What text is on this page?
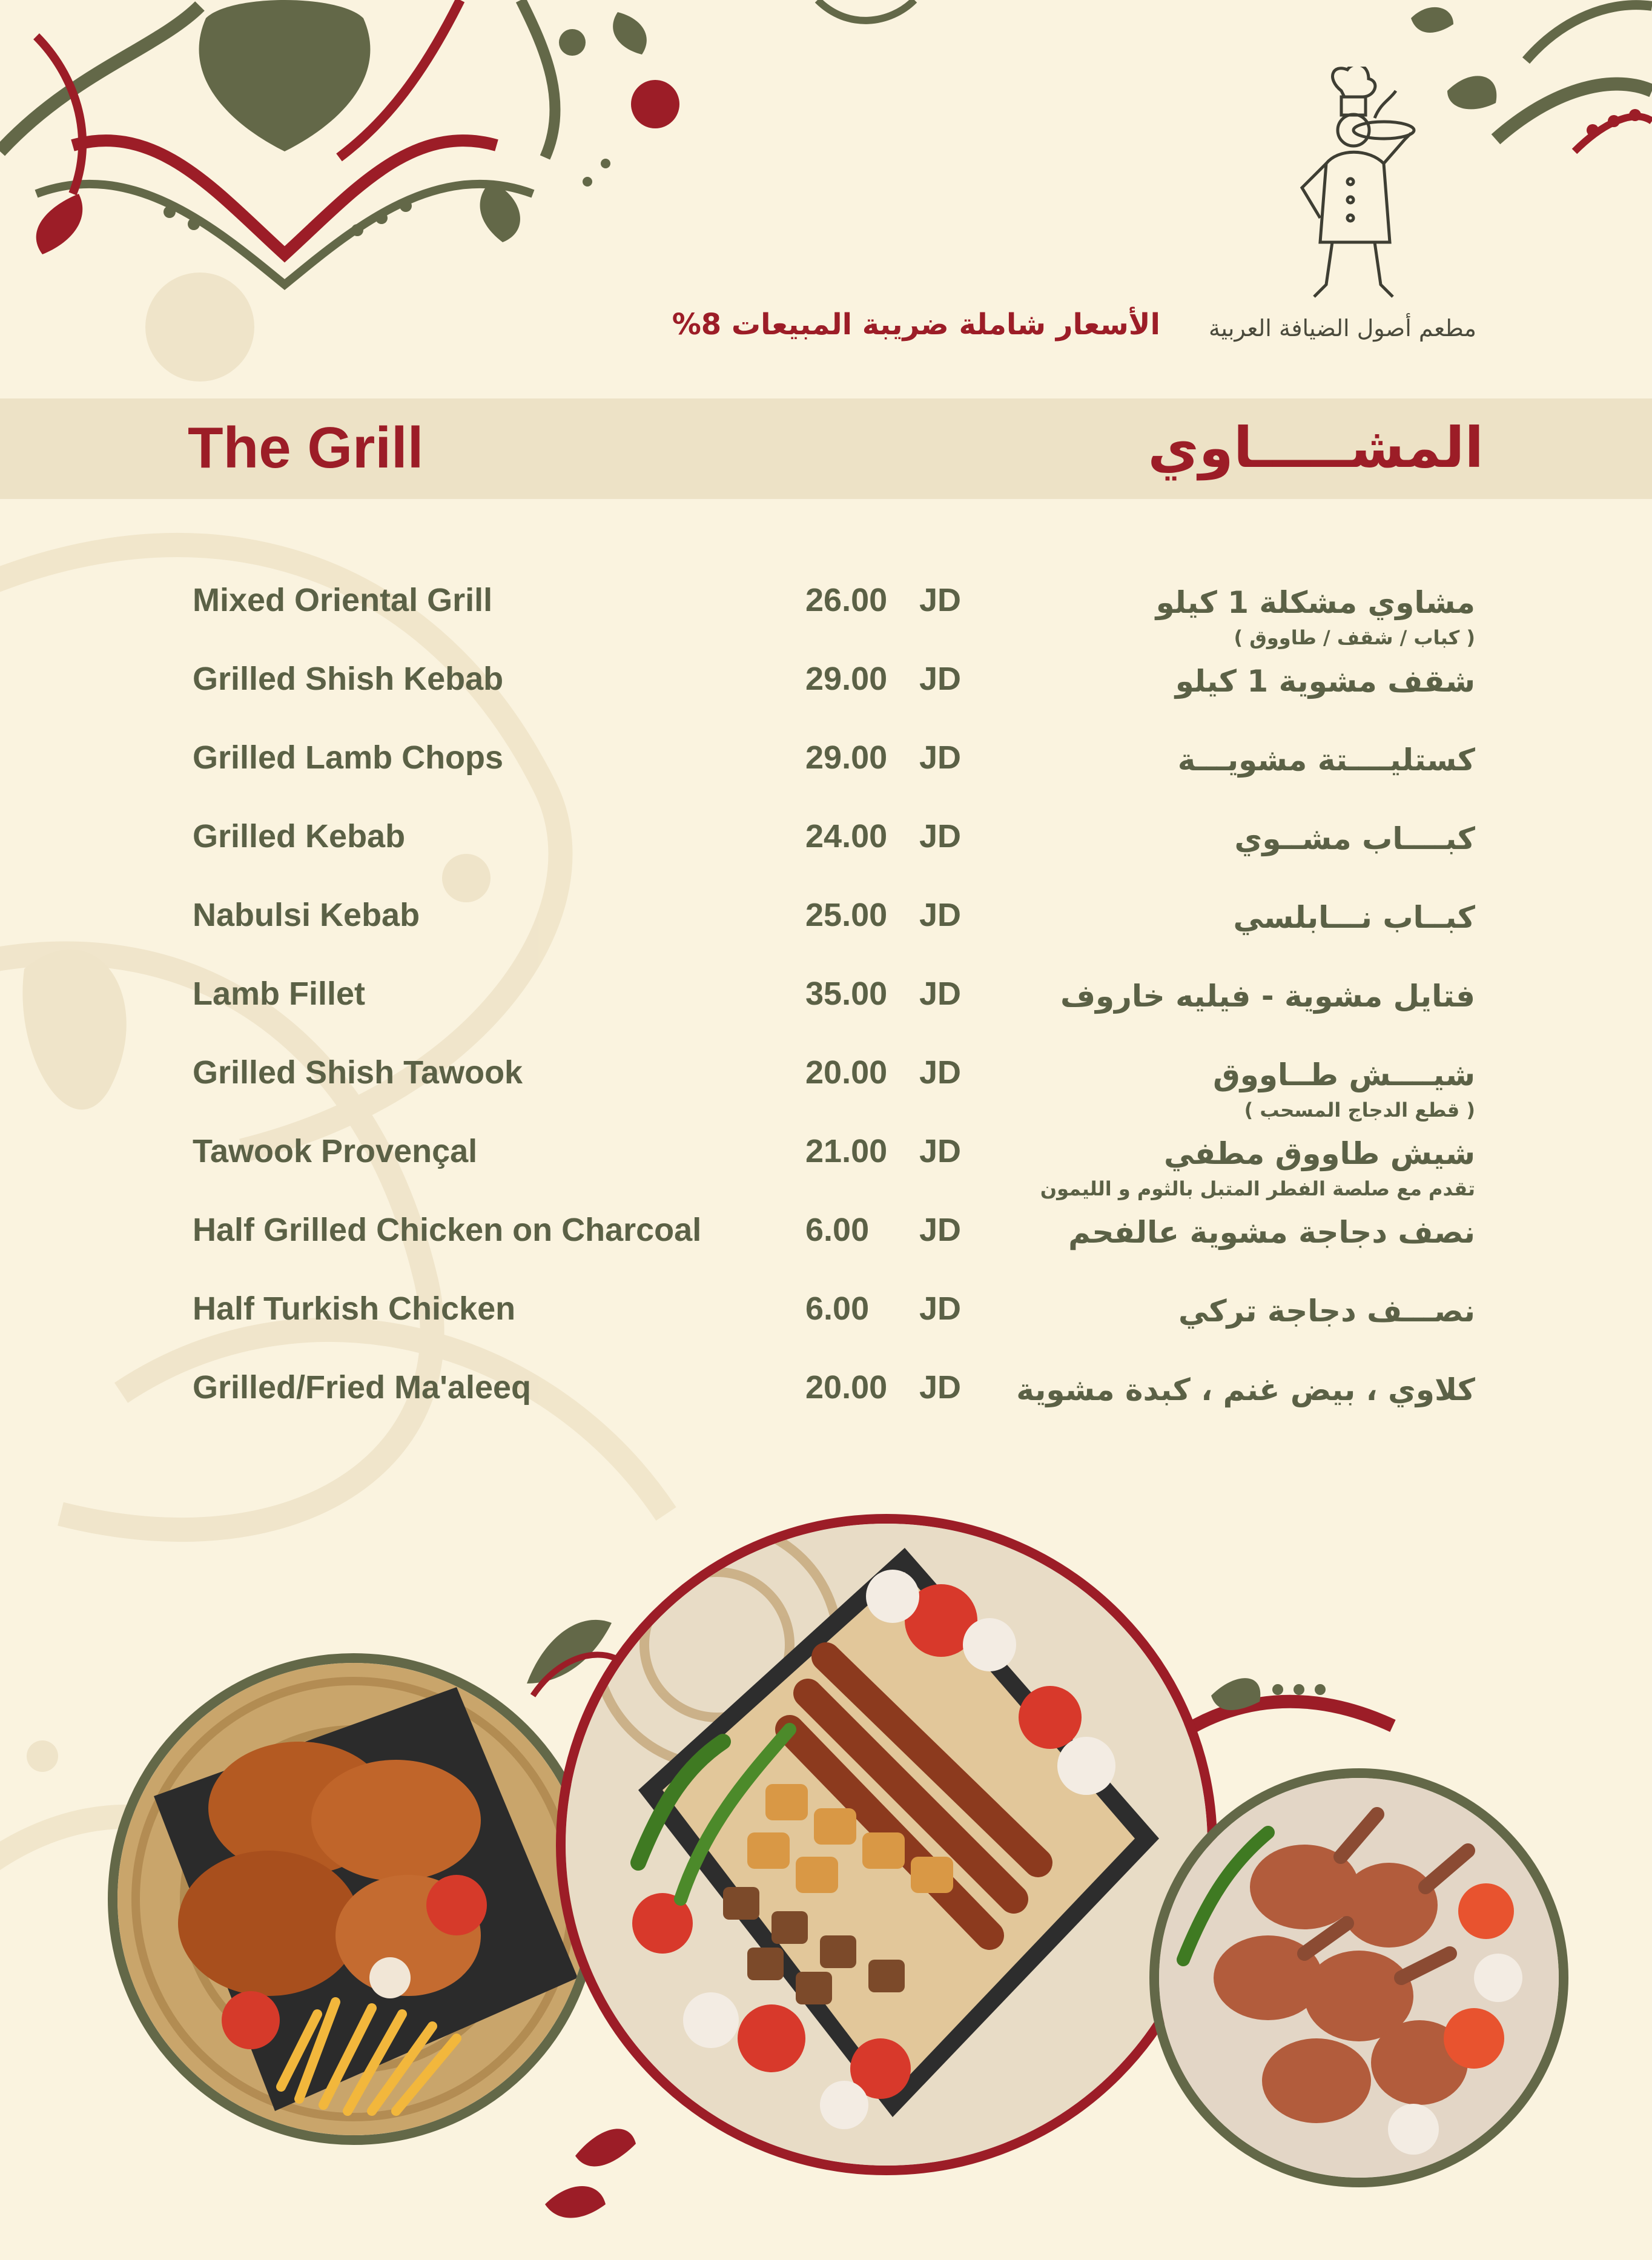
مطعم أصول الضيافة العربية
الأسعار شاملة ضريبة المبيعات 8%
The Grill	المشـــــاوي
Mixed Oriental Grill	26.00 JD	مشاوي مشكلة 1 كيلو
( كباب / شقف / طاووق )
Grilled Shish Kebab	29.00 JD	شقف مشوية 1 كيلو
Grilled Lamb Chops	29.00 JD	كستليــــتة مشويـــة
Grilled Kebab	24.00 JD	كبــــاب مشــوي
Nabulsi Kebab	25.00 JD	كبــاب نـــابلسي
Lamb Fillet	35.00 JD	فتايل مشوية - فيليه خاروف
Grilled Shish Tawook	20.00 JD	شيــــش طــاووق
( قطع الدجاج المسحب )
Tawook Provençal	21.00 JD	شيش طاووق مطفي
تقدم مع صلصة الفطر المتبل بالثوم و الليمون
Half Grilled Chicken on Charcoal	6.00 JD	نصف دجاجة مشوية عالفحم
Half Turkish Chicken	6.00 JD	نصـــف دجاجة تركي
Grilled/Fried Ma'aleeq	20.00 JD كلاوي ، بيض غنم ، كبدة مشوية
